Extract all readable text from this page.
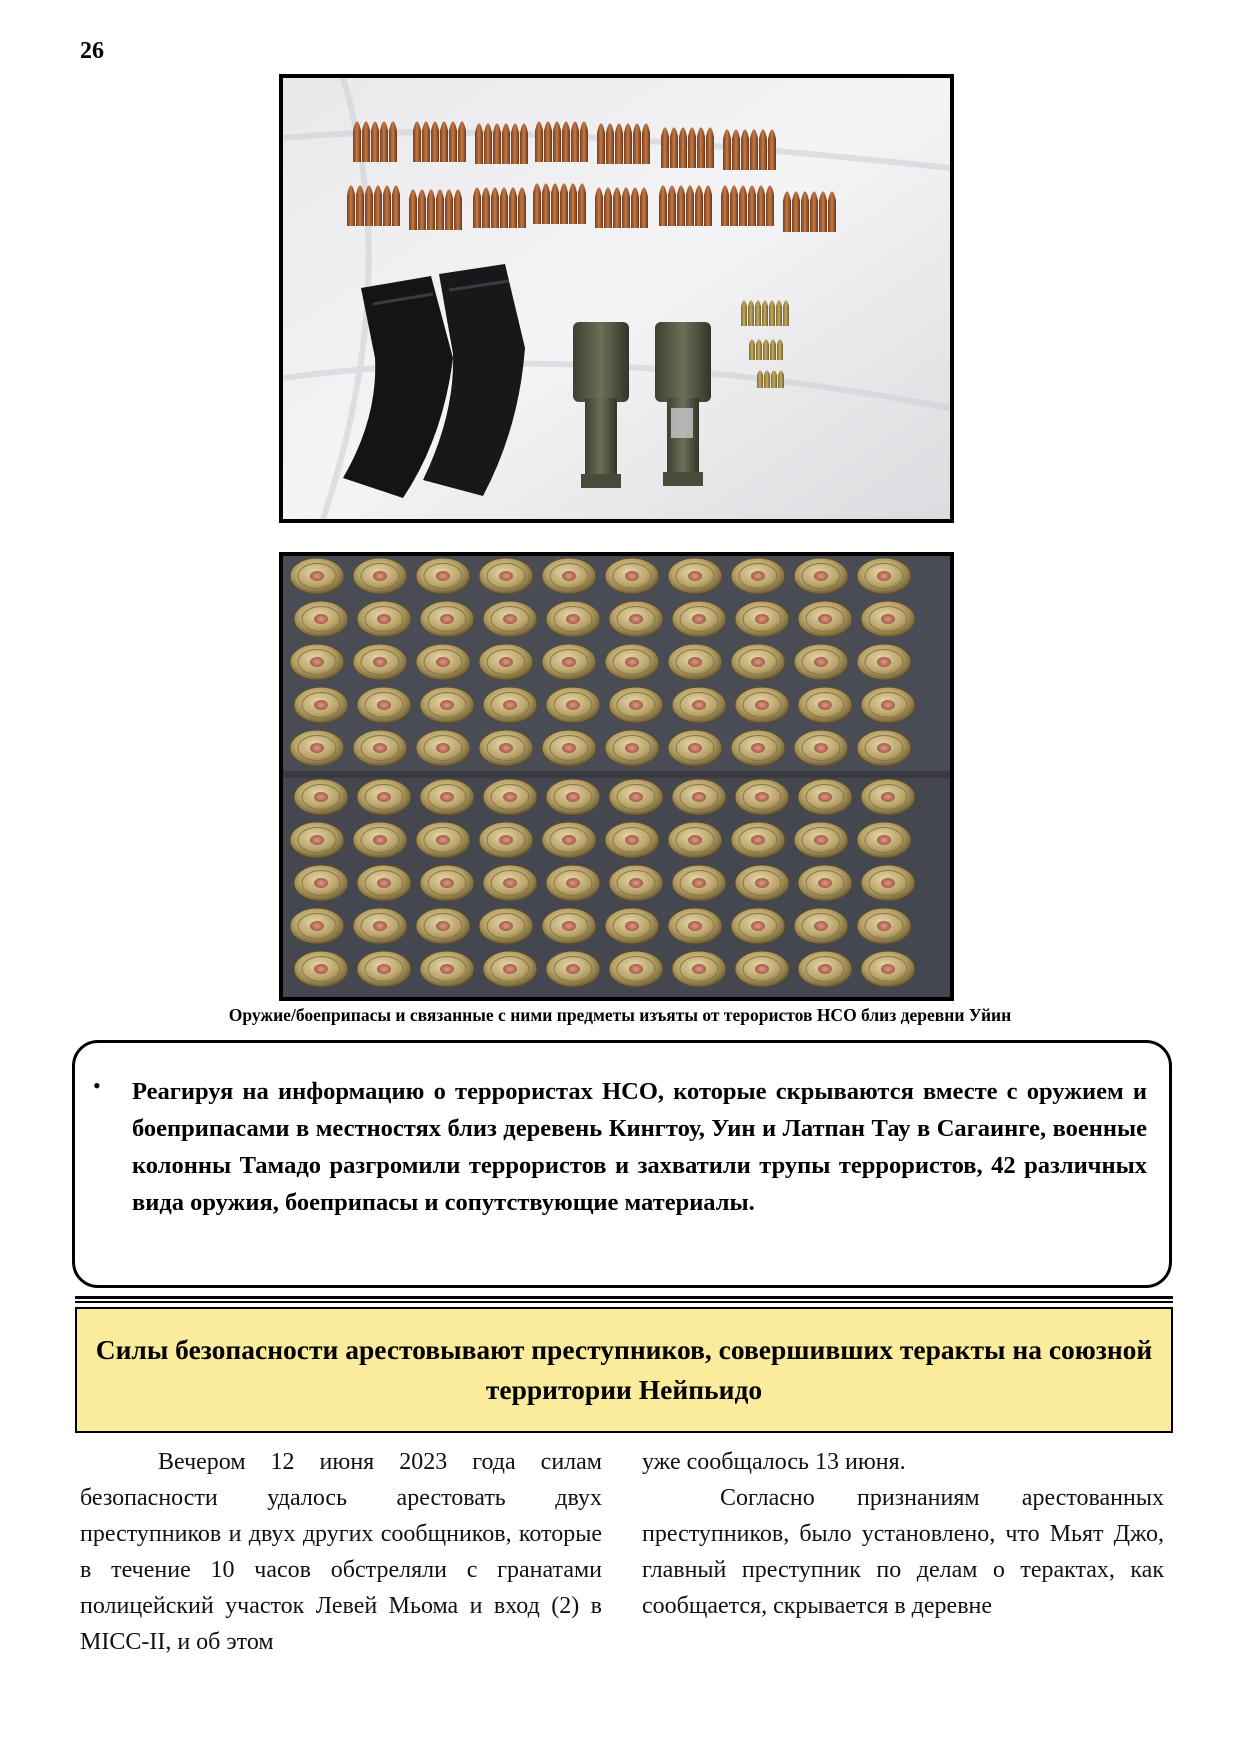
26
Оружие/боеприпасы и связанные с ними предметы изъяты от тероpистов НСО близ деревни Уйин
• Реагируя на информацию о террористах НСО, которые скрываются вместе с оружием и боеприпасами в местностях близ деревень Кингтоу, Уин и Латпан Тау в Сагаинге, военные колонны Тамадо разгромили террористов и захватили трупы террористов, 42 различных вида оружия, боеприпасы и сопутствующие материалы.
Силы безопасности арестовывают преступников, совершивших теракты на союзной территории Нейпьидо

Вечером 12 июня 2023 года силам безопасности удалось арестовать двух преступников и двух других сообщников, которые в течение 10 часов обстреляли с гранатами полицейский участок Левей Мьома и вход (2) в МІСС-II, и об этом

уже сообщалось 13 июня.

Согласно признаниям арестованных преступников, было установлено, что Мьят Джо, главный преступник по делам о терактах, как сообщается, скрывается в деревне
